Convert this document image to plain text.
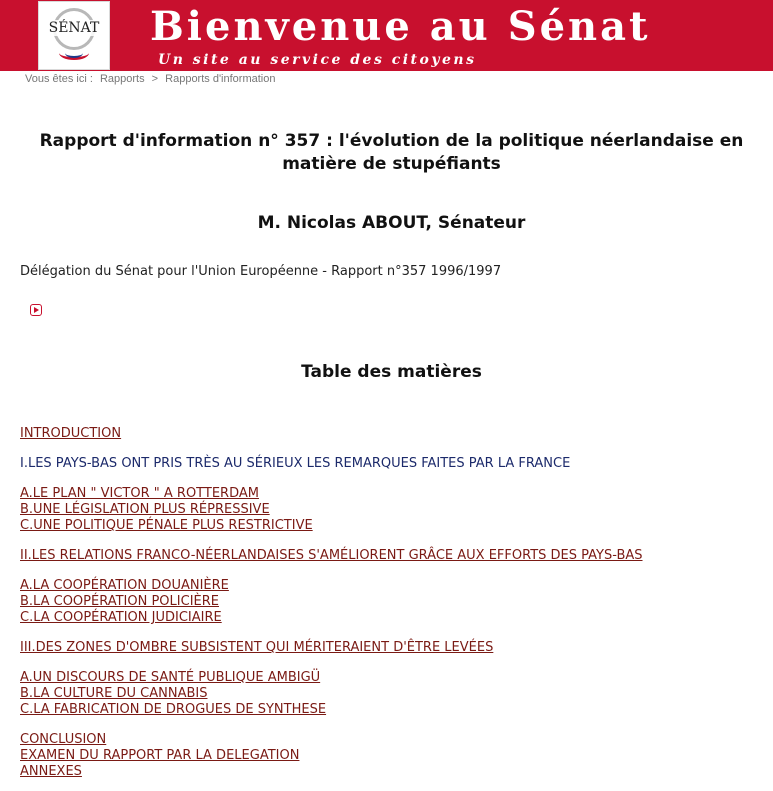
SÉNAT Bienvenue au Sénat
Un site au service des citoyens
Vous êtes ici : Rapports > Rapports d'information
Rapport d'information n° 357 : l'évolution de la politique néerlandaise en matière de stupéfiants
M. Nicolas ABOUT, Sénateur
Délégation du Sénat pour l'Union Européenne - Rapport n°357 1996/1997
Table des matières
INTRODUCTION
I.LES PAYS-BAS ONT PRIS TRÈS AU SÉRIEUX LES REMARQUES FAITES PAR LA FRANCE
A.LE PLAN " VICTOR " A ROTTERDAM
B.UNE LÉGISLATION PLUS RÉPRESSIVE
C.UNE POLITIQUE PÉNALE PLUS RESTRICTIVE
II.LES RELATIONS FRANCO-NÉERLANDAISES S'AMÉLIORENT GRÂCE AUX EFFORTS DES PAYS-BAS
A.LA COOPÉRATION DOUANIÈRE
B.LA COOPÉRATION POLICIÈRE
C.LA COOPÉRATION JUDICIAIRE
III.DES ZONES D'OMBRE SUBSISTENT QUI MÉRITERAIENT D'ÊTRE LEVÉES
A.UN DISCOURS DE SANTÉ PUBLIQUE AMBIGÜ
B.LA CULTURE DU CANNABIS
C.LA FABRICATION DE DROGUES DE SYNTHESE
CONCLUSION
EXAMEN DU RAPPORT PAR LA DELEGATION
ANNEXES
